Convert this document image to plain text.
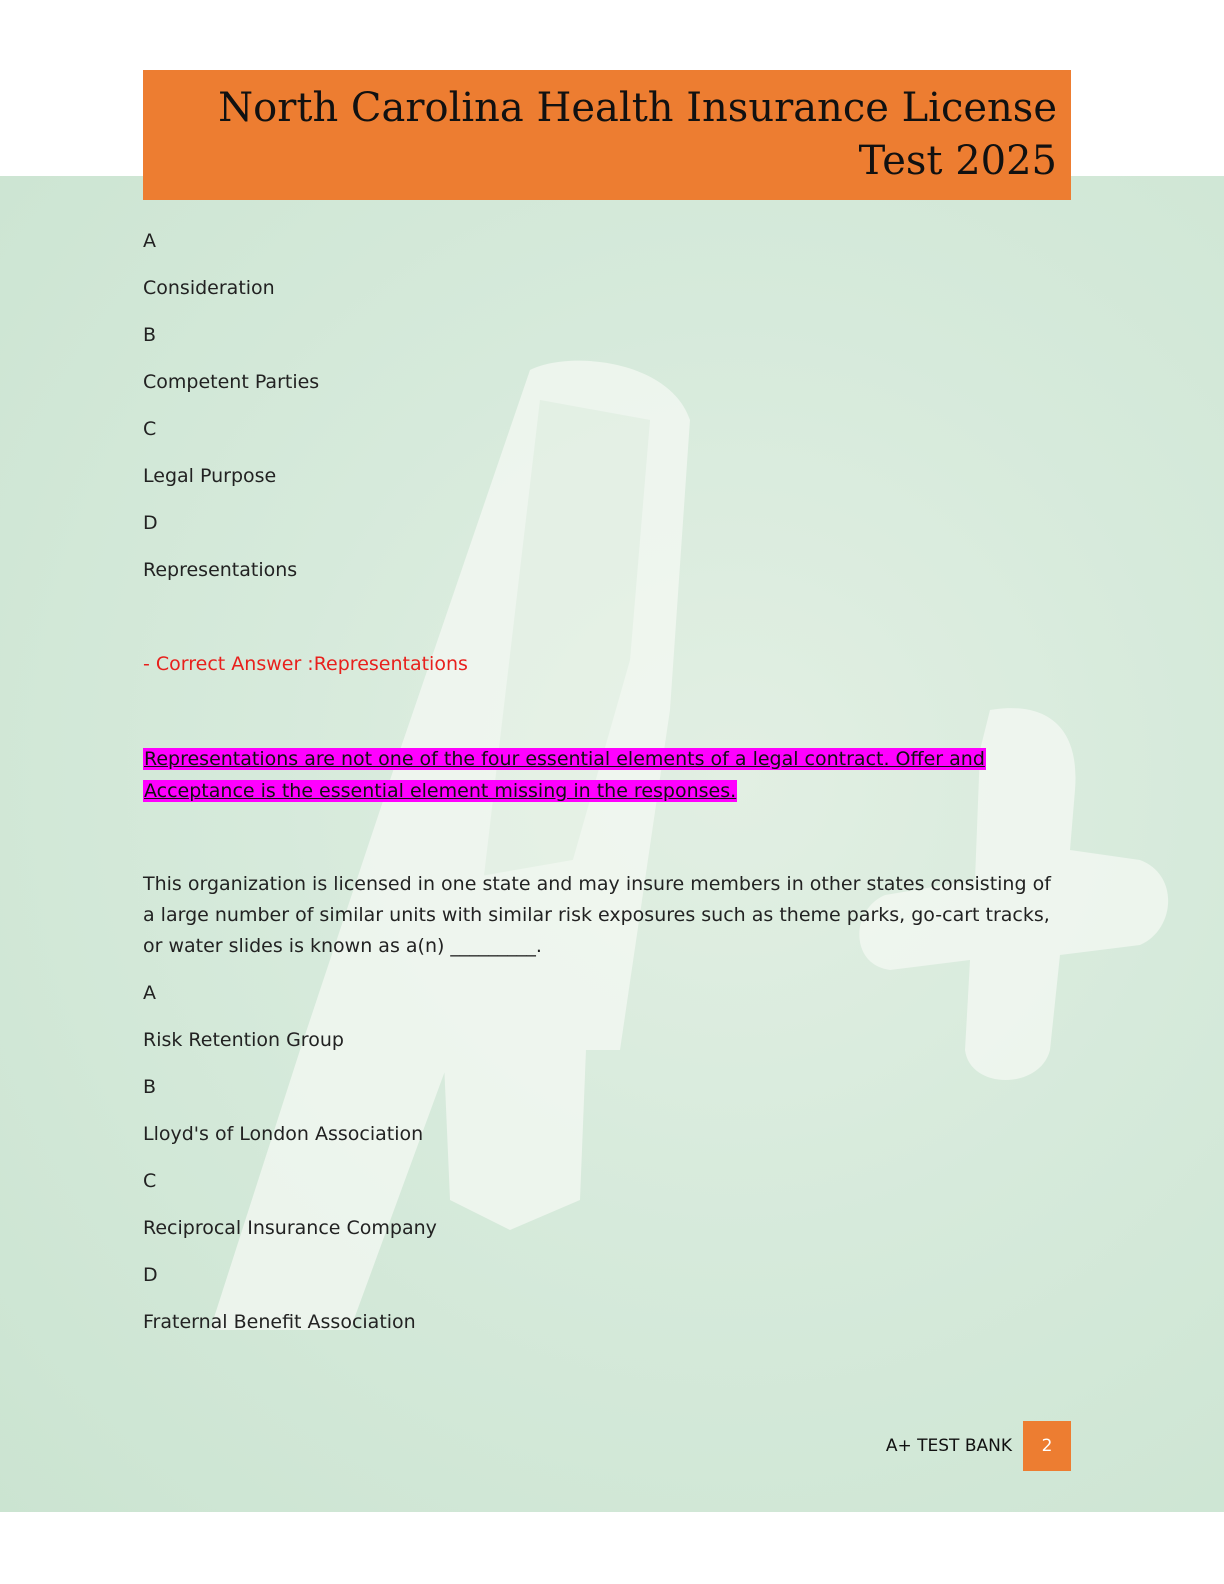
North Carolina Health Insurance License
Test 2025
A
Consideration
B
Competent Parties
C
Legal Purpose
D
Representations
- Correct Answer :Representations
Representations are not one of the four essential elements of a legal contract. Offer and
Acceptance is the essential element missing in the responses.
This organization is licensed in one state and may insure members in other states consisting of a large number of similar units with similar risk exposures such as theme parks, go-cart tracks, or water slides is known as a(n) _________.
A
Risk Retention Group
B
Lloyd's of London Association
C
Reciprocal Insurance Company
D
Fraternal Benefit Association
A+ TEST BANK	2
